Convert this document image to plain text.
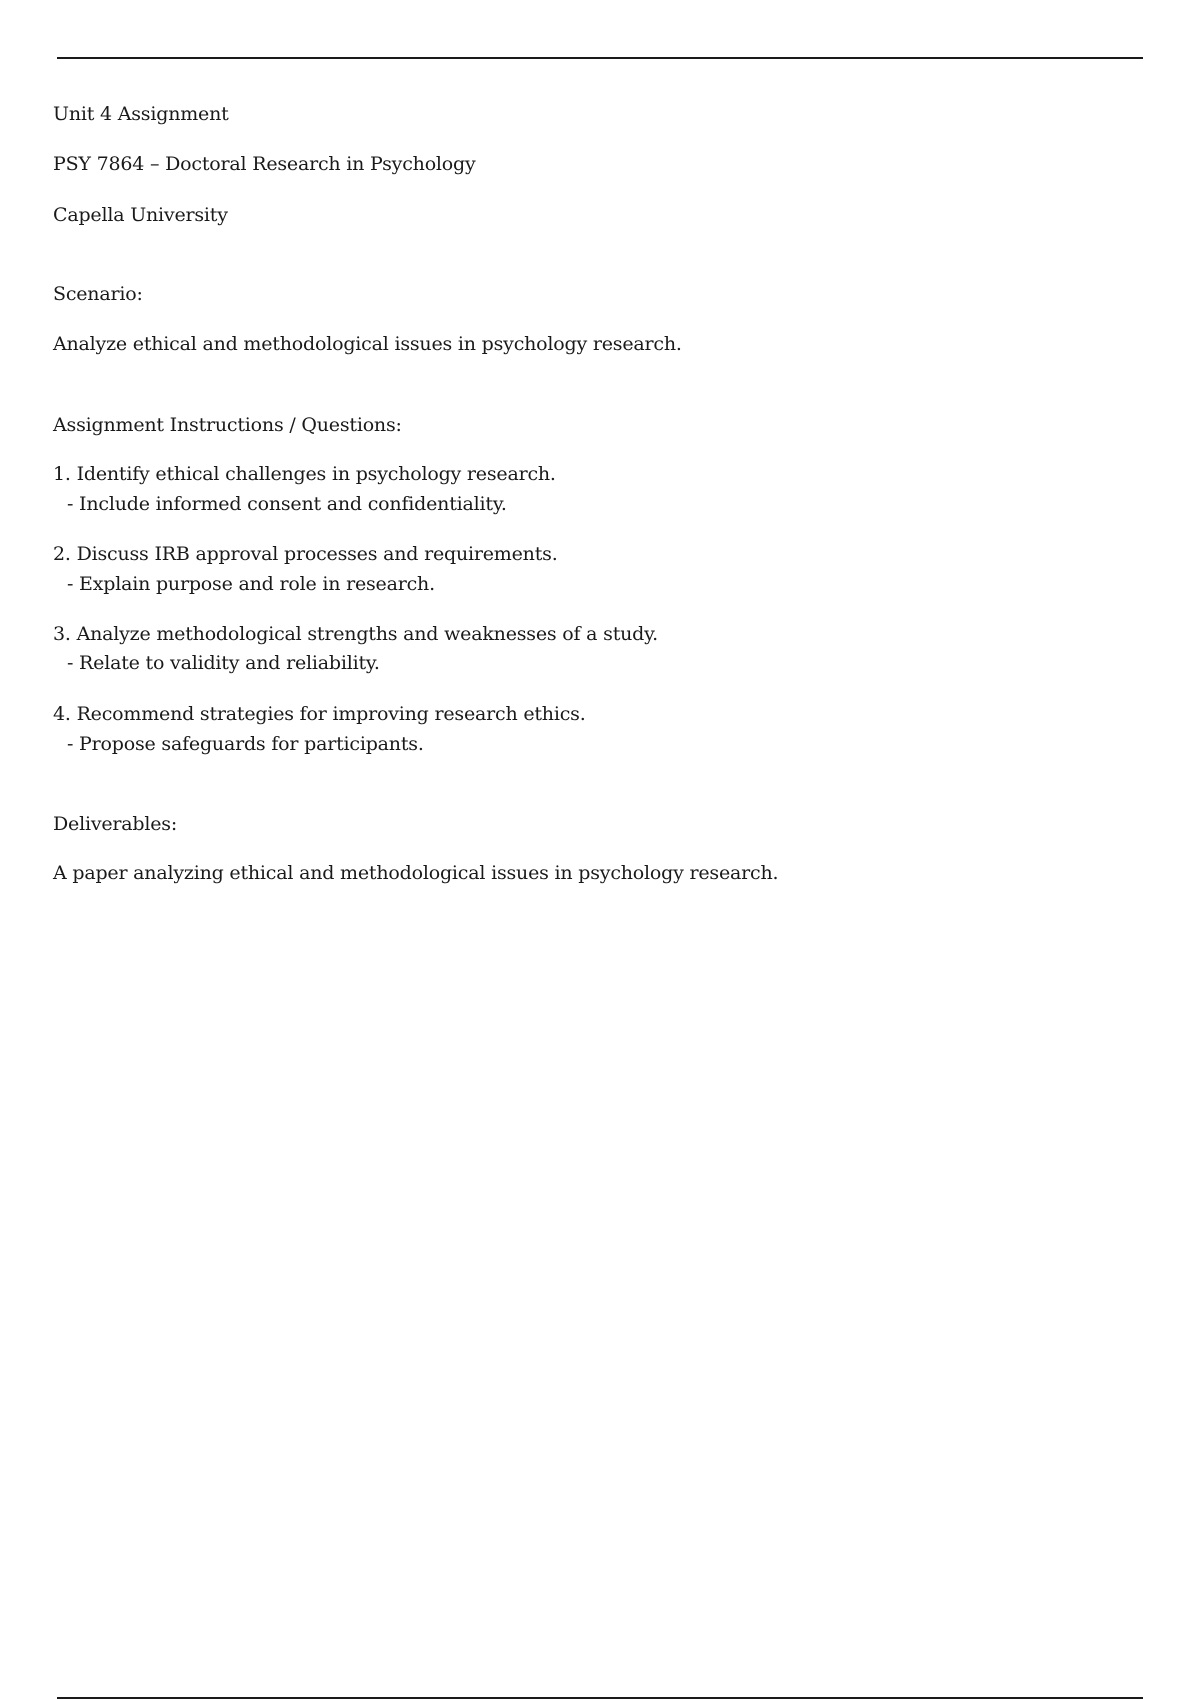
Unit 4 Assignment
PSY 7864 – Doctoral Research in Psychology
Capella University
Scenario:
Analyze ethical and methodological issues in psychology research.
Assignment Instructions / Questions:
1. Identify ethical challenges in psychology research.
- Include informed consent and confidentiality.
2. Discuss IRB approval processes and requirements.
- Explain purpose and role in research.
3. Analyze methodological strengths and weaknesses of a study.
- Relate to validity and reliability.
4. Recommend strategies for improving research ethics.
- Propose safeguards for participants.
Deliverables:
A paper analyzing ethical and methodological issues in psychology research.
